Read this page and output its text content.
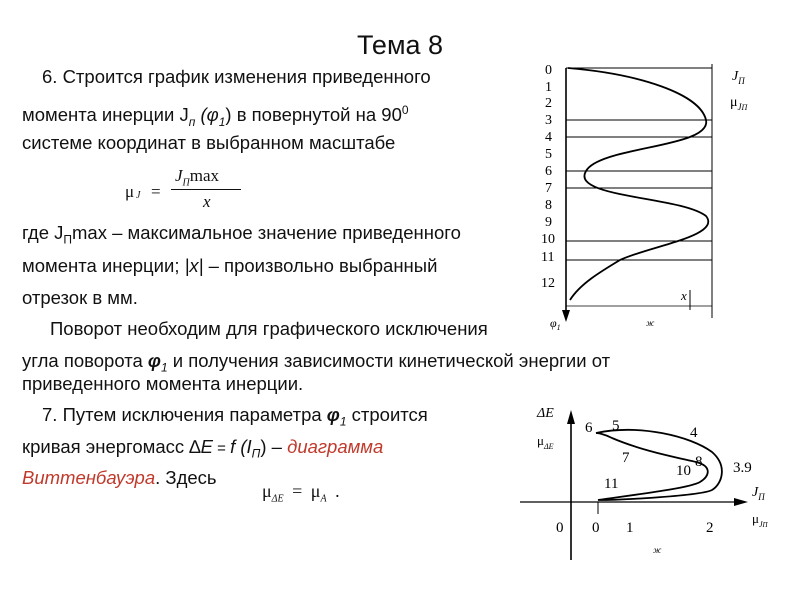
Тема 8
6. Строится график изменения приведенного
момента инерции $J_п$ $(\varphi_1)$ в повернутой на $90^0$
системе координат в выбранном масштабе
μ J =
$J_П\max$
x
где $J_П\max$ – максимальное значение приведенного
момента инерции; |x| – произвольно выбранный
отрезок в мм.
Поворот необходим для графического исключения
угла поворота $\varphi_1$ и получения зависимости кинетической энергии от
приведенного момента инерции.
7. Путем исключения параметра $\varphi_1$ строится
кривая энергомасс ∆E = f $(I_П)$ – диаграмма
Виттенбауэра. Здесь
$\mu_{\Delta E} = \mu_A$ .
0
1
2
3
4
5
6
7
8
9
10
11
12
$J_П$
$\mu_JП$
x
$\varphi_1$	ж
ΔE
$\mu_{\Delta E}$
$J_П$
$\mu_JП$
6 5	4
7
10
8 3.9
11
0 0 1	2
ж
